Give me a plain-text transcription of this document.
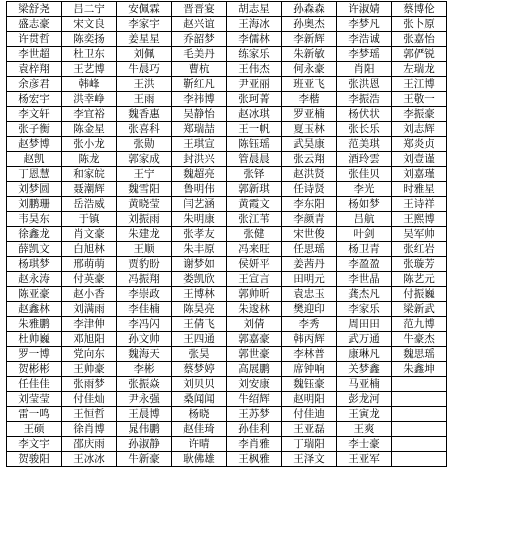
梁舒尧	吕二宁	安佩霖	晋晋宴	胡志星	孙森森	许淑婧	蔡博伦
盛志豪	宋文良	李家宇	赵兴谊	王海冰	孙奥杰	李梦凡	张卜原
许贯哲	陈奕扬	姜星星	乔韶梦	李儒林	李新辉	李浩诚	张嘉怡
李世超	杜卫东	刘佩	毛美丹	练家乐	朱新敏	李梦瑶	郭俨锐
袁梓翔	王艺博	牛晨巧	曹杭	王伟杰	何永豪	肖阳	左瑞龙
余彦君	韩峰	王洪	靳红凡	尹亚丽	班亚飞	张洪恩	王江博
杨宏宇	洪幸峥	王雨	李祎博	张珂菁	李楷	李振浩	王敬一
李文轩	李宜裕	魏香惠	吴静怡	赵冰琪	罗亚楠	杨伏状	李振豪
张子衡	陈金星	张喜科	郑瑞喆	王一帆	夏玉林	张长乐	刘志辉
赵梦博	张小龙	张勋	王琪宣	陈钰瑶	武昊康	范美琪	郑炎贞
赵凯	陈龙	郭家成	封洪兴	管晨晨	张云翔	酒玲雲	刘壹谨
丁恩慧	和家皖	王宁	魏超亮	张铎	赵洪贤	张佳贝	刘嘉瑾
刘梦圆	聂潮辉	魏雪阳	鲁明伟	郭新琪	任诗贤	李光	时雅星
刘鹏珊	岳浩威	黄晓莹	闫艺涵	黄霞文	李东阳	杨如梦	王诗祥
韦昊东	于镇	刘振雨	朱明康	张江苇	李颜青	吕航	王熙博
徐鑫龙	肖文豪	朱建龙	张孝友	张健	宋世俊	叶剑	吴军帅
薛凯文	白旭林	王顺	朱丰原	冯来旺	任思瑶	杨卫青	张红岩
杨琪梦	邢萌萌	贾豹盼	谢梦如	侯妍平	姜茜丹	李盈盈	张璇芳
赵永涛	付英豪	冯振翔	娄凯欣	王宣言	田明元	李世晶	陈艺元
陈亚豪	赵小香	李崇政	王博林	郭帅昕	袁忠玉	龚杰凡	付振巍
赵鑫林	刘满雨	李佳楠	陈昊亮	朱逡林	樊迎印	李家乐	梁新武
朱雅鹏	李津伸	李冯闪	王倩飞	刘倩	李秀	周田田	范九博
杜帅巍	邓旭阳	孙文帅	王四通	郭嘉豪	韩丙辉	武万通	牛豪杰
罗一博	党向东	魏海天	张昊	郭世豪	李林普	康琳凡	魏思瑶
贺彬彬	王帅豪	李彬	蔡梦婷	高展鹏	席钟响	关梦鑫	朱鑫坤
任佳佳	张雨梦	张振焱	刘贝贝	刘安康	魏钰豪	马亚楠	
刘莹莹	付佳灿	尹永强	桑闻闻	牛绍辉	赵明阳	彭龙河	
雷一鸣	王恒哲	王晨博	杨晓	王苏梦	付佳迪	王寅龙	
王硕	徐肖博	晁伟鹏	赵佳琦	孙佳利	王亚磊	王爽	
李文宇	邵庆雨	孙淑静	许晴	李肖雅	丁瑞阳	李士豪	
贺骏阳	王冰冰	牛新豪	耿佛雄	王枫雅	王泽文	王亚军	
